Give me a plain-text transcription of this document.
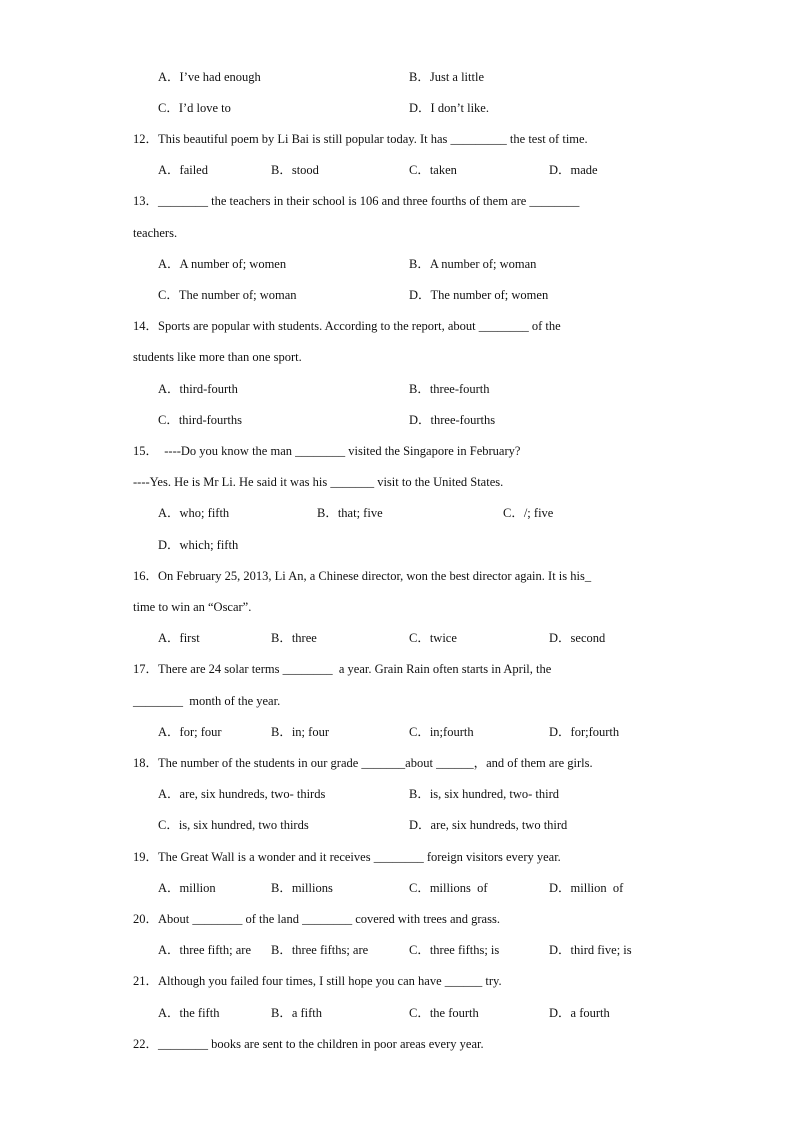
A．I’ve had enough	B．Just a little
C．I’d love to	D．I don’t like.
12．This beautiful poem by Li Bai is still popular today. It has _________ the test of time.
A．failed	B．stood	C．taken	D．made
13．________ the teachers in their school is 106 and three fourths of them are ________
teachers.
A．A number of; women	B．A number of; woman
C．The number of; woman	D．The number of; women
14．Sports are popular with students. According to the report, about ________ of the
students like more than one sport.
A．third-fourth	B．three-fourth
C．third-fourths	D．three-fourths
15．  ----Do you know the man ________ visited the Singapore in February?
----Yes. He is Mr Li. He said it was his _______ visit to the United States.
A．who; fifth	B．that; five	C．/; five
D．which; fifth
16．On February 25, 2013, Li An, a Chinese director, won the best director again. It is his_
time to win an “Oscar”.
A．first	B．three	C．twice	D．second
17．There are 24 solar terms ________  a year. Grain Rain often starts in April, the
________  month of the year.
A．for; four	B．in; four	C．in;fourth	D．for;fourth
18．The number of the students in our grade _______about ______，and of them are girls.
A．are, six hundreds, two- thirds	B．is, six hundred, two- third
C．is, six hundred, two thirds	D．are, six hundreds, two third
19．The Great Wall is a wonder and it receives ________ foreign visitors every year.
A．million	B．millions	C．millions  of	D．million  of
20．About ________ of the land ________ covered with trees and grass.
A．three fifth; are B．three fifths; are	C．three fifths; is	D．third five; is
21．Although you failed four times, I still hope you can have ______ try.
A．the fifth	B．a fifth	C．the fourth	D．a fourth
22．________ books are sent to the children in poor areas every year.
